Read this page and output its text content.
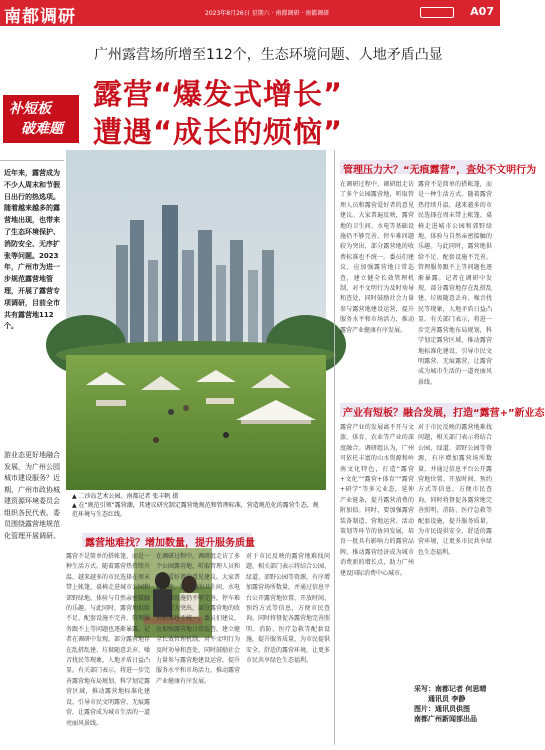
南都调研	2023年8月26日 星期六 · 南都调研 · 南都调研	A07
广州露营场所增至112个，生态环境问题、人地矛盾凸显
露营“爆发式增长”
遭遇“成长的烦恼”
补短板
破难题
近年来，露营成为不少人周末和节假日出行的热选项。随着越来越多的露营地出现，也带来了生态环境保护、消防安全、无序扩张等问题。2023年，广州市为进一步规范露营地管理，开展了露营专项调研，目前全市共有露营地112个。
游业态更好地融合发展，为广州公园城市建设服务？近期，广州市政协城建资源环境委员会组织各民代表、委员围绕露营地规范化管理开展调研。
▲ 二沙岛艺术公园。南都记者 张丰帆 摄
▲ 在“规范引领”露营潮，其建议研究制定露营地规范和管理标准，营造规范化的露营生态，规范环境与生态红线。
管理压力大？“无痕露营”，查处不文明行为
在调研过程中，调研组走访了多个公园露营地，听取管理人员和露营爱好者的意见建议。大家普遍反映，露营地的卫生间、水电等基础设施仍不够完善，停车难问题较为突出，部分露营地的收费标准也不统一。委员们建议，应加强露营地日常巡查，建立健全长效管理机制，对不文明行为及时劝导和查处，同时鼓励社会力量参与露营地建设运营，提升服务水平和市场活力，推动露营产业健康有序发展。
露营不是简单的搭帐篷，而是一种生活方式。随着露营热持续升温，越来越多的市民选择在周末带上帐篷、桌椅走进城市公园和郊野绿地，体验与自然亲密接触的乐趣。与此同时，露营地供给不足、配套设施不完善、管理服务跟不上等问题也逐渐暴露。记者在调研中发现，部分露营地存在乱搭乱建、垃圾随意丢弃、噪音扰民等现象，人地矛盾日益凸显。有关部门表示，将进一步完善露营地布局规划，科学划定露营区域，推动露营地标准化建设，引导市民文明露营、无痕露营，让露营成为城市生活的一道亮丽风景线。
产业有短板？融合发展，打造“露营+”新业态
露营产业的发展离不开与文旅、体育、农业等产业的深度融合。调研组认为，广州可依托丰富的山水资源和岭南文化特色，打造“露营+文化”“露营+体育”“露营+研学”等多元业态，延伸产业链条，提升露营消费的附加值。同时，要加强露营装备制造、营地运营、活动策划等环节的协同发展，培育一批具有影响力的露营品牌，推动露营经济成为城市消费新的增长点，助力广州建设国际消费中心城市。
对于市民反映的露营地难找问题，相关部门表示将结合公园、绿道、郊野公园等资源，有序增加露营场所数量，并通过信息平台公开露营地位置、开放时间、预约方式等信息，方便市民查询。同时将督促各露营地完善照明、消防、医疗急救等配套设施，提升服务质量，为市民提供安全、舒适的露营环境，让更多市民共享绿色生态福利。
采写：南都记者 何思晴
通讯员 李静
图片：通讯员供图
南都广州新闻部出品
露营地难找？增加数量，提升服务质量
露营不是简单的搭帐篷，而是一种生活方式。随着露营热持续升温，越来越多的市民选择在周末带上帐篷、桌椅走进城市公园和郊野绿地，体验与自然亲密接触的乐趣。与此同时，露营地供给不足、配套设施不完善、管理服务跟不上等问题也逐渐暴露。记者在调研中发现，部分露营地存在乱搭乱建、垃圾随意丢弃、噪音扰民等现象，人地矛盾日益凸显。有关部门表示，将进一步完善露营地布局规划，科学划定露营区域，推动露营地标准化建设，引导市民文明露营、无痕露营，让露营成为城市生活的一道亮丽风景线。
在调研过程中，调研组走访了多个公园露营地，听取管理人员和露营爱好者的意见建议。大家普遍反映，露营地的卫生间、水电等基础设施仍不够完善，停车难问题较为突出，部分露营地的收费标准也不统一。委员们建议，应加强露营地日常巡查，建立健全长效管理机制，对不文明行为及时劝导和查处，同时鼓励社会力量参与露营地建设运营，提升服务水平和市场活力，推动露营产业健康有序发展。
对于市民反映的露营地难找问题，相关部门表示将结合公园、绿道、郊野公园等资源，有序增加露营场所数量，并通过信息平台公开露营地位置、开放时间、预约方式等信息，方便市民查询。同时将督促各露营地完善照明、消防、医疗急救等配套设施，提升服务质量，为市民提供安全、舒适的露营环境，让更多市民共享绿色生态福利。
